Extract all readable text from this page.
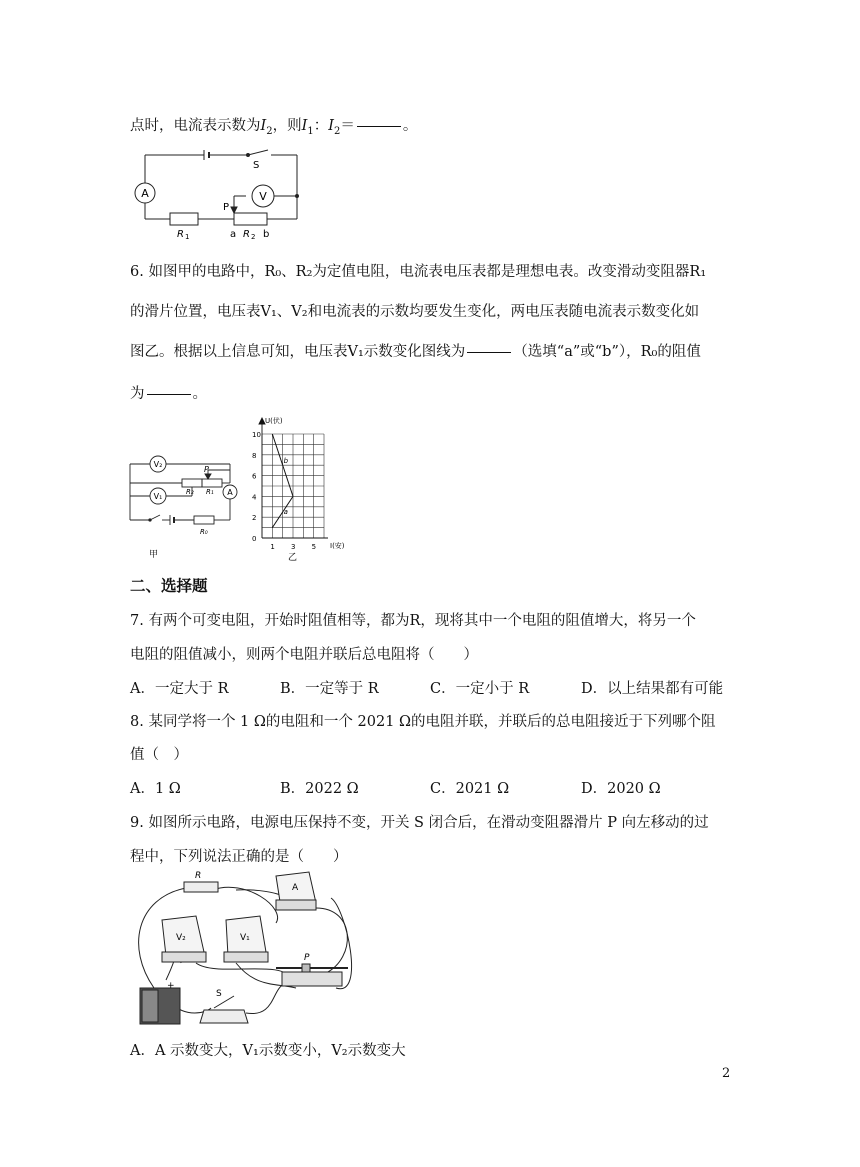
点时，电流表示数为$I_2$，则$I_1$：$I_2=$	。
A	V
S
P
R 1	a R 2 b
6. 如图甲的电路中，R₀、R₂为定值电阻，电流表电压表都是理想电表。改变滑动变阻器R₁
的滑片位置，电压表V₁、V₂和电流表的示数均要发生变化，两电压表随电流表示数变化如
图乙。根据以上信息可知，电压表V₁示数变化图线为	（选填“a”或“b”），R₀的阻值
为	。
V₂
V₁
P
R₂ R₁ A
R₀
甲
0
2
4
6
8
10
1 3 5
b
a
U(伏)
I(安)
乙
二、选择题
7. 有两个可变电阻，开始时阻值相等，都为R，现将其中一个电阻的阻值增大，将另一个
电阻的阻值减小，则两个电阻并联后总电阻将（　　）
A．一定大于 R	B．一定等于 R	C．一定小于 R	D．以上结果都有可能
8. 某同学将一个 1 Ω的电阻和一个 2021 Ω的电阻并联，并联后的总电阻接近于下列哪个阻
值（　）
A．1 Ω	B．2022 Ω	C．2021 Ω	D．2020 Ω
9. 如图所示电路，电源电压保持不变，开关 S 闭合后，在滑动变阻器滑片 P 向左移动的过
程中，下列说法正确的是（　　）
R
A
V₂	V₁
P
S
+
A．A 示数变大，V₁示数变小，V₂示数变大
2
